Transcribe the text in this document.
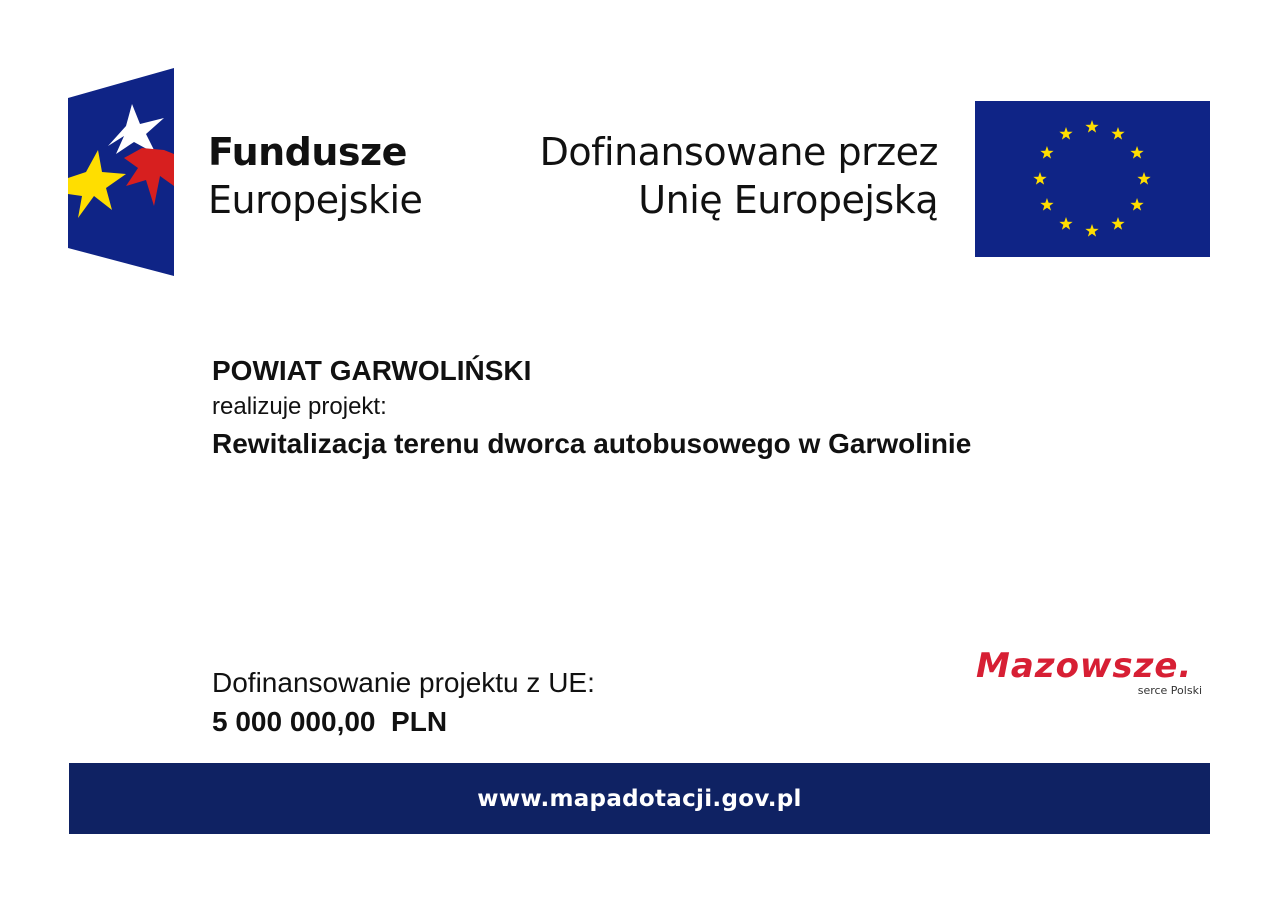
Fundusze
Europejskie
Dofinansowane przez
Unię Europejską
POWIAT GARWOLIŃSKI
realizuje projekt:
Rewitalizacja terenu dworca autobusowego w Garwolinie
Dofinansowanie projektu z UE:
5 000 000,00  PLN
Mazowsze.
serce Polski
www.mapadotacji.gov.pl
